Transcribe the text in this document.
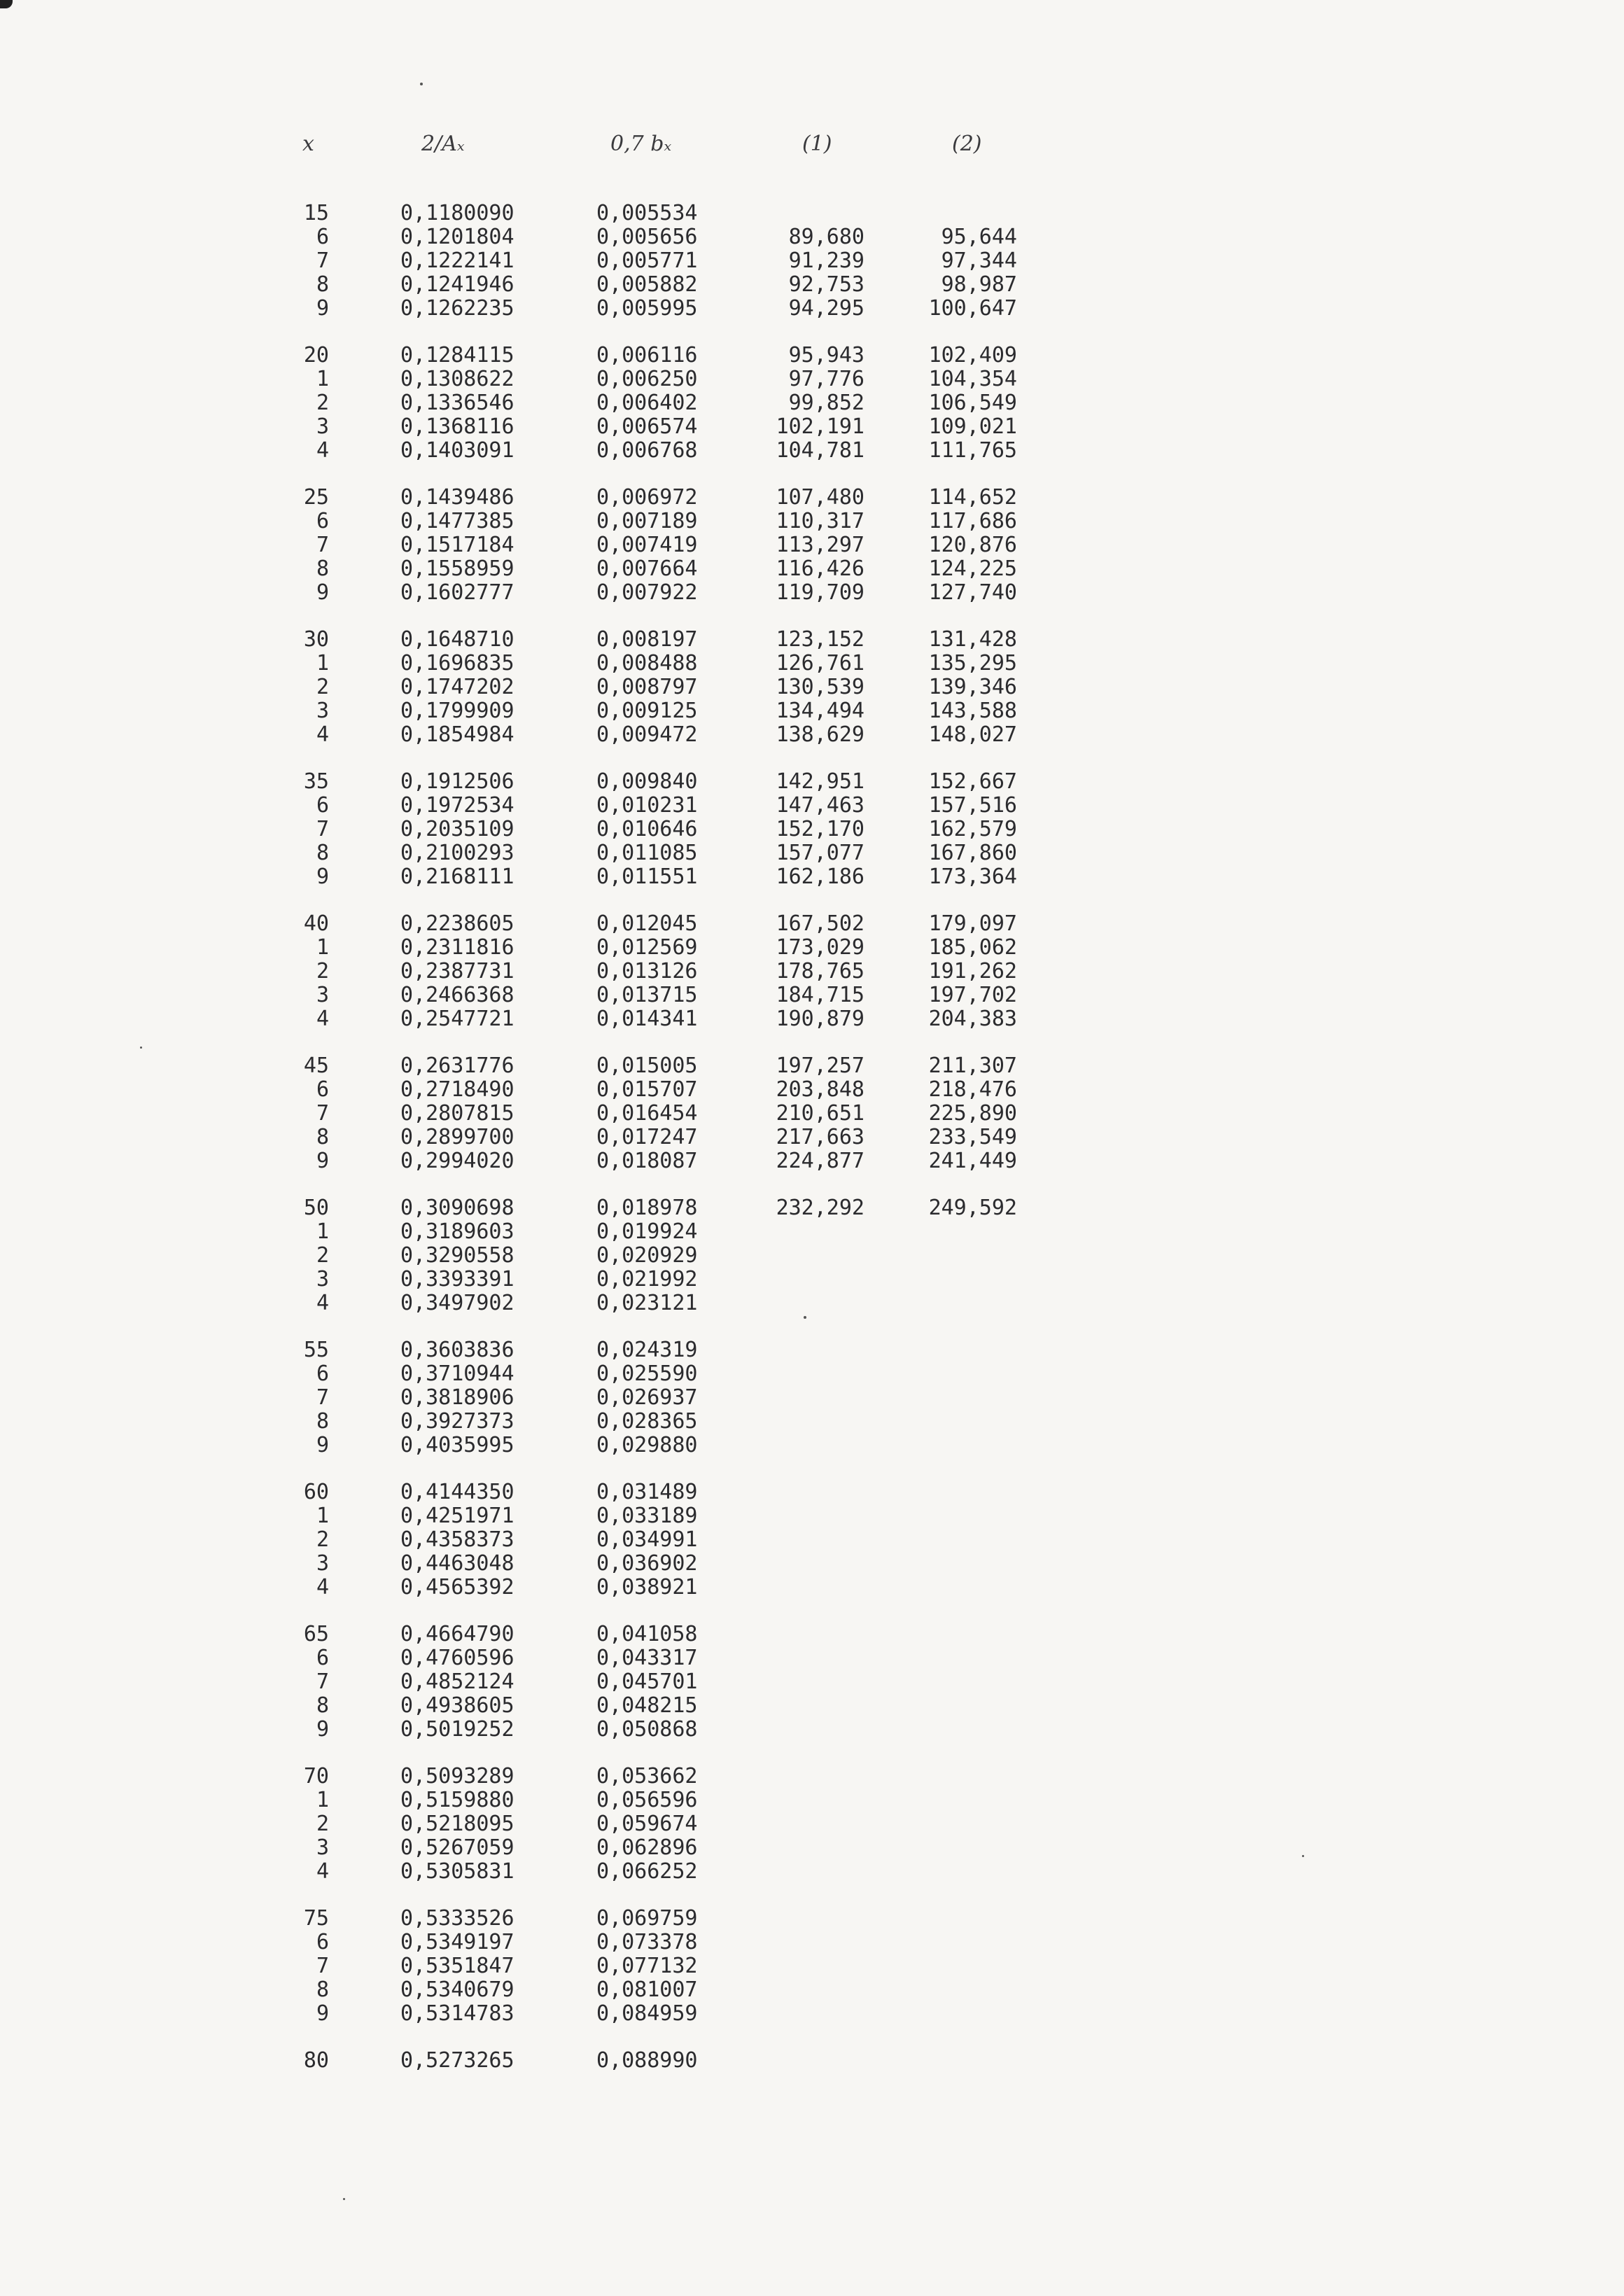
x	2/Aₓ	0,7 bₓ	(1)	(2)
15	0,1180090	0,005534
6	0,1201804	0,005656	89,680	95,644
7	0,1222141	0,005771	91,239	97,344
8	0,1241946	0,005882	92,753	98,987
9	0,1262235	0,005995	94,295	100,647
20	0,1284115	0,006116	95,943	102,409
1	0,1308622	0,006250	97,776	104,354
2	0,1336546	0,006402	99,852	106,549
3	0,1368116	0,006574	102,191	109,021
4	0,1403091	0,006768	104,781	111,765
25	0,1439486	0,006972	107,480	114,652
6	0,1477385	0,007189	110,317	117,686
7	0,1517184	0,007419	113,297	120,876
8	0,1558959	0,007664	116,426	124,225
9	0,1602777	0,007922	119,709	127,740
30	0,1648710	0,008197	123,152	131,428
1	0,1696835	0,008488	126,761	135,295
2	0,1747202	0,008797	130,539	139,346
3	0,1799909	0,009125	134,494	143,588
4	0,1854984	0,009472	138,629	148,027
35	0,1912506	0,009840	142,951	152,667
6	0,1972534	0,010231	147,463	157,516
7	0,2035109	0,010646	152,170	162,579
8	0,2100293	0,011085	157,077	167,860
9	0,2168111	0,011551	162,186	173,364
40	0,2238605	0,012045	167,502	179,097
1	0,2311816	0,012569	173,029	185,062
2	0,2387731	0,013126	178,765	191,262
3	0,2466368	0,013715	184,715	197,702
4	0,2547721	0,014341	190,879	204,383
45	0,2631776	0,015005	197,257	211,307
6	0,2718490	0,015707	203,848	218,476
7	0,2807815	0,016454	210,651	225,890
8	0,2899700	0,017247	217,663	233,549
9	0,2994020	0,018087	224,877	241,449
50	0,3090698	0,018978	232,292	249,592
1	0,3189603	0,019924
2	0,3290558	0,020929
3	0,3393391	0,021992
4	0,3497902	0,023121
55	0,3603836	0,024319
6	0,3710944	0,025590
7	0,3818906	0,026937
8	0,3927373	0,028365
9	0,4035995	0,029880
60	0,4144350	0,031489
1	0,4251971	0,033189
2	0,4358373	0,034991
3	0,4463048	0,036902
4	0,4565392	0,038921
65	0,4664790	0,041058
6	0,4760596	0,043317
7	0,4852124	0,045701
8	0,4938605	0,048215
9	0,5019252	0,050868
70	0,5093289	0,053662
1	0,5159880	0,056596
2	0,5218095	0,059674
3	0,5267059	0,062896
4	0,5305831	0,066252
75	0,5333526	0,069759
6	0,5349197	0,073378
7	0,5351847	0,077132
8	0,5340679	0,081007
9	0,5314783	0,084959
80	0,5273265	0,088990
